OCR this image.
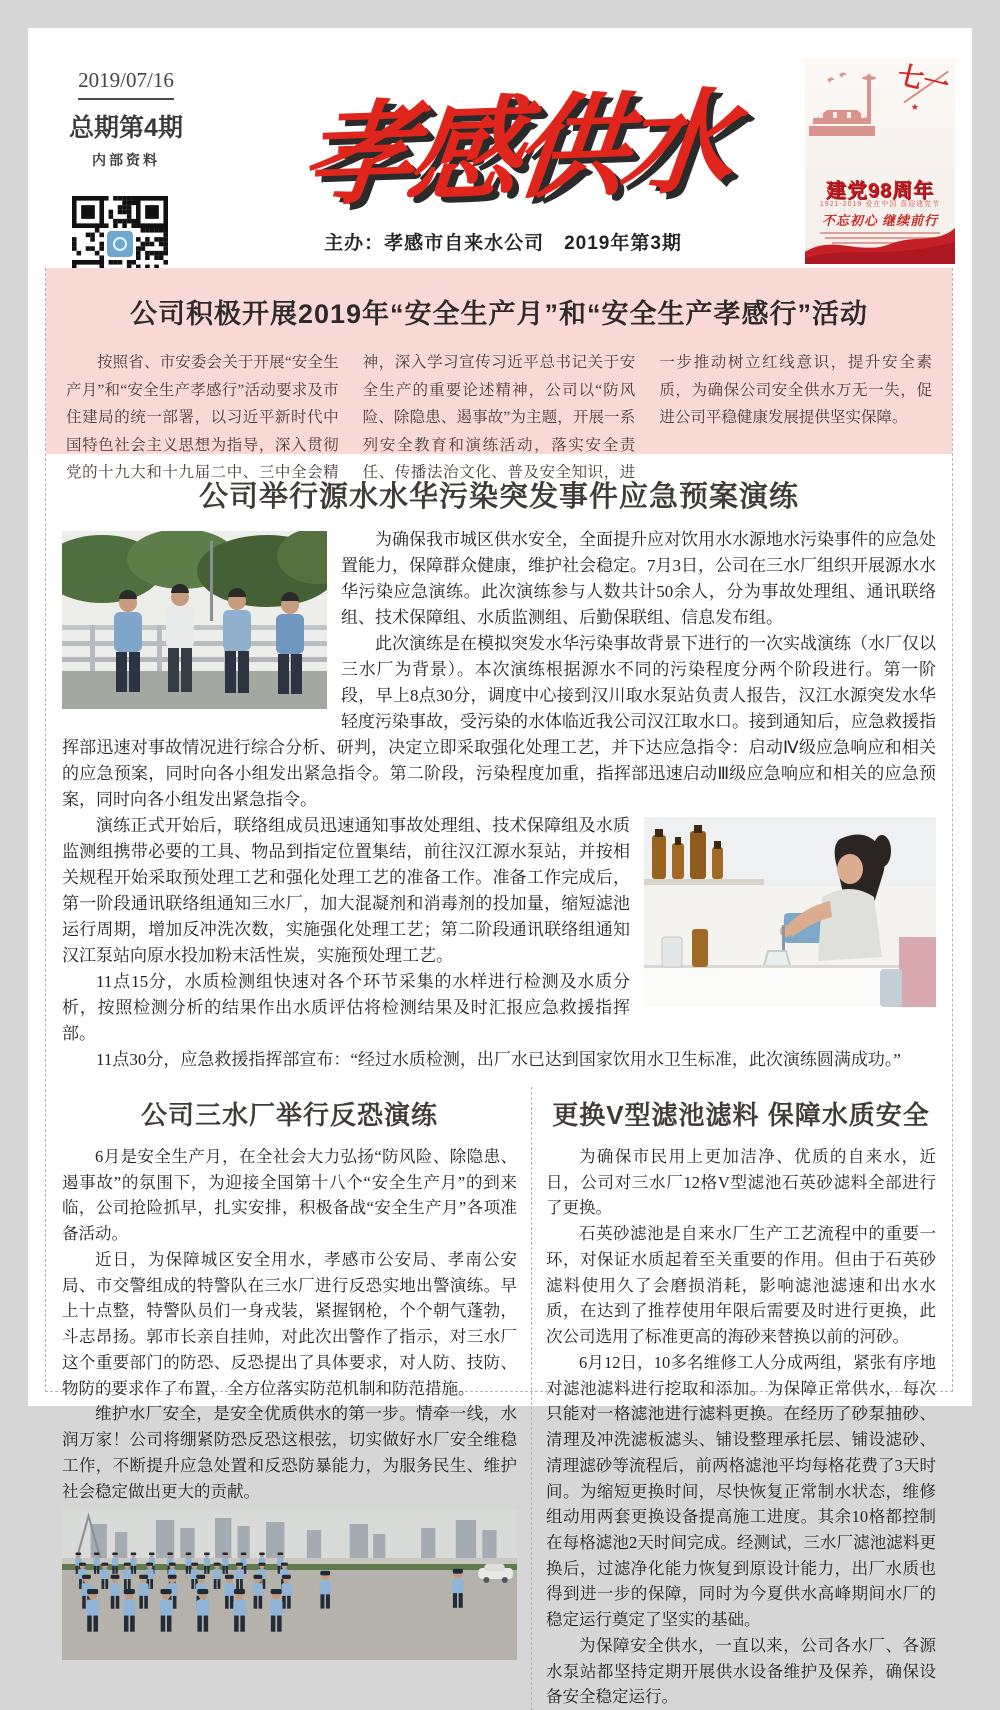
2019/07/16
总期第4期
内部资料 孝感供水
主办：孝感市自来水公司　2019年第3期
七一
★
建党98周年
1921-2019 爱在中国 喜迎建党节
不忘初心 继续前行
公司积极开展2019年“安全生产月”和“安全生产孝感行”活动
按照省、市安委会关于开展“安全生产月”和“安全生产孝感行”活动要求及市住建局的统一部署，以习近平新时代中国特色社会主义思想为指导，深入贯彻党的十九大和十九届二中、三中全会精神，深入学习宣传习近平总书记关于安全生产的重要论述精神，公司以“防风险、除隐患、遏事故”为主题，开展一系列安全教育和演练活动，落实安全责任、传播法治文化、普及安全知识，进一步推动树立红线意识，提升安全素质，为确保公司安全供水万无一失，促进公司平稳健康发展提供坚实保障。
公司举行源水水华污染突发事件应急预案演练

为确保我市城区供水安全，全面提升应对饮用水水源地水污染事件的应急处置能力，保障群众健康，维护社会稳定。7月3日，公司在三水厂组织开展源水水华污染应急演练。此次演练参与人数共计50余人，分为事故处理组、通讯联络组、技术保障组、水质监测组、后勤保联组、信息发布组。

此次演练是在模拟突发水华污染事故背景下进行的一次实战演练（水厂仅以三水厂为背景）。本次演练根据源水不同的污染程度分两个阶段进行。第一阶段，早上8点30分，调度中心接到汉川取水泵站负责人报告，汉江水源突发水华轻度污染事故，受污染的水体临近我公司汉江取水口。接到通知后，应急救援指挥部迅速对事故情况进行综合分析、研判，决定立即采取强化处理工艺，并下达应急指令：启动Ⅳ级应急响应和相关的应急预案，同时向各小组发出紧急指令。第二阶段，污染程度加重，指挥部迅速启动Ⅲ级应急响应和相关的应急预案，同时向各小组发出紧急指令。

演练正式开始后，联络组成员迅速通知事故处理组、技术保障组及水质监测组携带必要的工具、物品到指定位置集结，前往汉江源水泵站，并按相关规程开始采取预处理工艺和强化处理工艺的准备工作。准备工作完成后，第一阶段通讯联络组通知三水厂，加大混凝剂和消毒剂的投加量，缩短滤池运行周期，增加反冲洗次数，实施强化处理工艺；第二阶段通讯联络组通知汉江泵站向原水投加粉末活性炭，实施预处理工艺。

11点15分，水质检测组快速对各个环节采集的水样进行检测及水质分析，按照检测分析的结果作出水质评估将检测结果及时汇报应急救援指挥部。

11点30分，应急救援指挥部宣布：“经过水质检测，出厂水已达到国家饮用水卫生标准，此次演练圆满成功。”

公司三水厂举行反恐演练

6月是安全生产月，在全社会大力弘扬“防风险、除隐患、遏事故”的氛围下，为迎接全国第十八个“安全生产月”的到来临，公司抢险抓早，扎实安排，积极备战“安全生产月”各项准备活动。

近日，为保障城区安全用水，孝感市公安局、孝南公安局、市交警组成的特警队在三水厂进行反恐实地出警演练。早上十点整，特警队员们一身戎装，紧握钢枪，个个朝气蓬勃，斗志昂扬。郭市长亲自挂帅，对此次出警作了指示，对三水厂这个重要部门的防恐、反恐提出了具体要求，对人防、技防、物防的要求作了布置，全方位落实防范机制和防范措施。

维护水厂安全，是安全优质供水的第一步。情牵一线，水润万家！公司将绷紧防恐反恐这根弦，切实做好水厂安全维稳工作，不断提升应急处置和反恐防暴能力，为服务民生、维护社会稳定做出更大的贡献。

更换V型滤池滤料 保障水质安全

为确保市民用上更加洁净、优质的自来水，近日，公司对三水厂12格V型滤池石英砂滤料全部进行了更换。

石英砂滤池是自来水厂生产工艺流程中的重要一环，对保证水质起着至关重要的作用。但由于石英砂滤料使用久了会磨损消耗，影响滤池滤速和出水水质，在达到了推荐使用年限后需要及时进行更换，此次公司选用了标准更高的海砂来替换以前的河砂。

6月12日，10多名维修工人分成两组，紧张有序地对滤池滤料进行挖取和添加。为保障正常供水，每次只能对一格滤池进行滤料更换。在经历了砂泵抽砂、清理及冲洗滤板滤头、铺设整理承托层、铺设滤砂、清理滤砂等流程后，前两格滤池平均每格花费了3天时间。为缩短更换时间，尽快恢复正常制水状态，维修组动用两套更换设备提高施工进度。其余10格都控制在每格滤池2天时间完成。经测试，三水厂滤池滤料更换后，过滤净化能力恢复到原设计能力，出厂水质也得到进一步的保障，同时为今夏供水高峰期间水厂的稳定运行奠定了坚实的基础。

为保障安全供水，一直以来，公司各水厂、各源水泵站都坚持定期开展供水设备维护及保养，确保设备安全稳定运行。
